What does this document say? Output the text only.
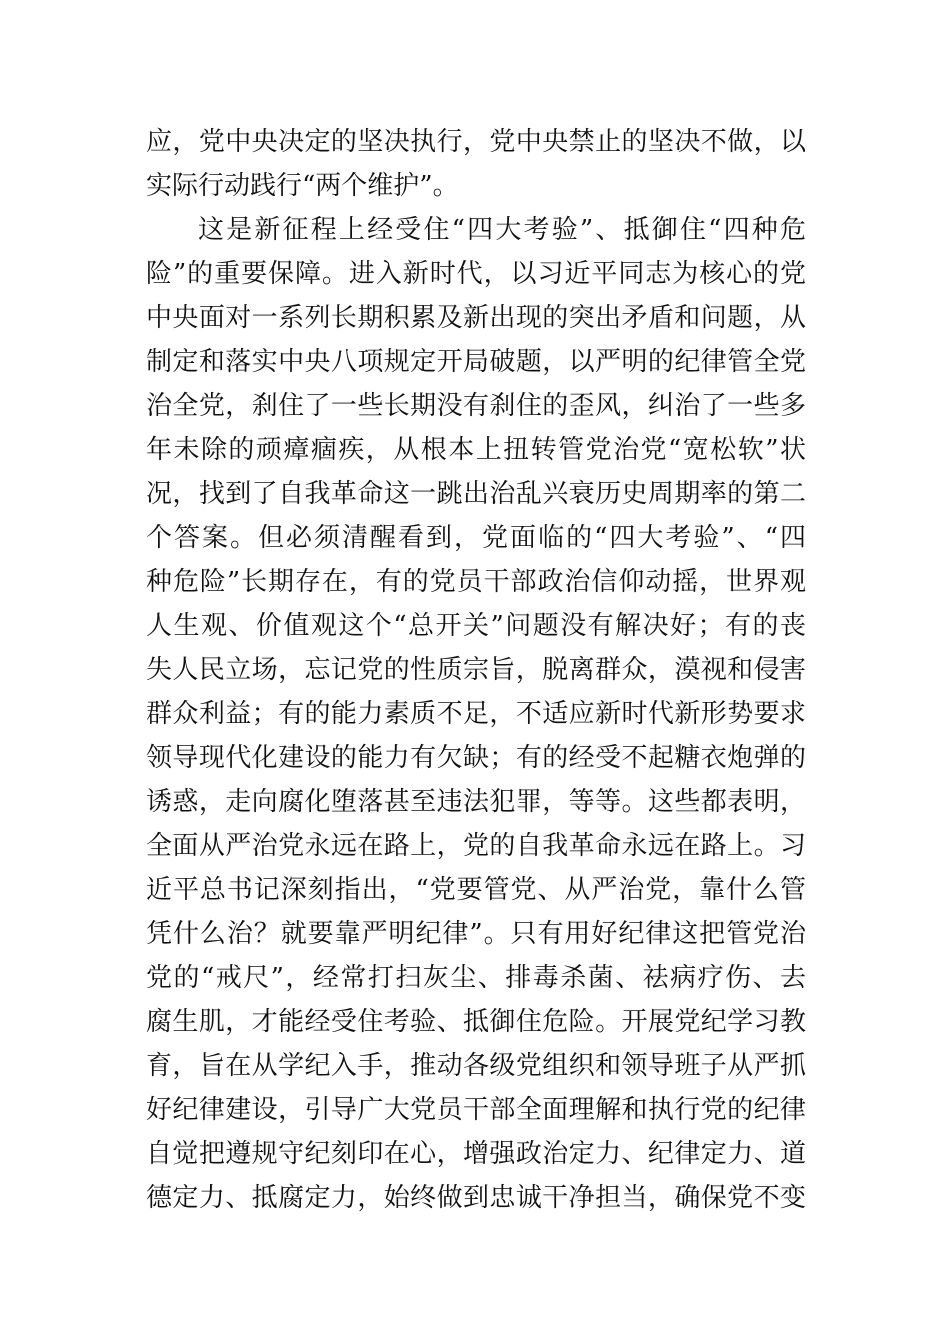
应，党中央决定的坚决执行，党中央禁止的坚决不做，以
实际行动践行“两个维护”。
这是新征程上经受住“四大考验”、抵御住“四种危
险”的重要保障。进入新时代，以习近平同志为核心的党
中央面对一系列长期积累及新出现的突出矛盾和问题，从
制定和落实中央八项规定开局破题，以严明的纪律管全党
治全党，刹住了一些长期没有刹住的歪风，纠治了一些多
年未除的顽瘴痼疾，从根本上扭转管党治党“宽松软”状
况，找到了自我革命这一跳出治乱兴衰历史周期率的第二
个答案。但必须清醒看到，党面临的“四大考验”、“四
种危险”长期存在，有的党员干部政治信仰动摇，世界观
人生观、价值观这个“总开关”问题没有解决好；有的丧
失人民立场，忘记党的性质宗旨，脱离群众，漠视和侵害
群众利益；有的能力素质不足，不适应新时代新形势要求
领导现代化建设的能力有欠缺；有的经受不起糖衣炮弹的
诱惑，走向腐化堕落甚至违法犯罪，等等。这些都表明，
全面从严治党永远在路上，党的自我革命永远在路上。习
近平总书记深刻指出，“党要管党、从严治党，靠什么管
凭什么治？就要靠严明纪律”。只有用好纪律这把管党治
党的“戒尺”，经常打扫灰尘、排毒杀菌、祛病疗伤、去
腐生肌，才能经受住考验、抵御住危险。开展党纪学习教
育，旨在从学纪入手，推动各级党组织和领导班子从严抓
好纪律建设，引导广大党员干部全面理解和执行党的纪律
自觉把遵规守纪刻印在心，增强政治定力、纪律定力、道
德定力、抵腐定力，始终做到忠诚干净担当，确保党不变
